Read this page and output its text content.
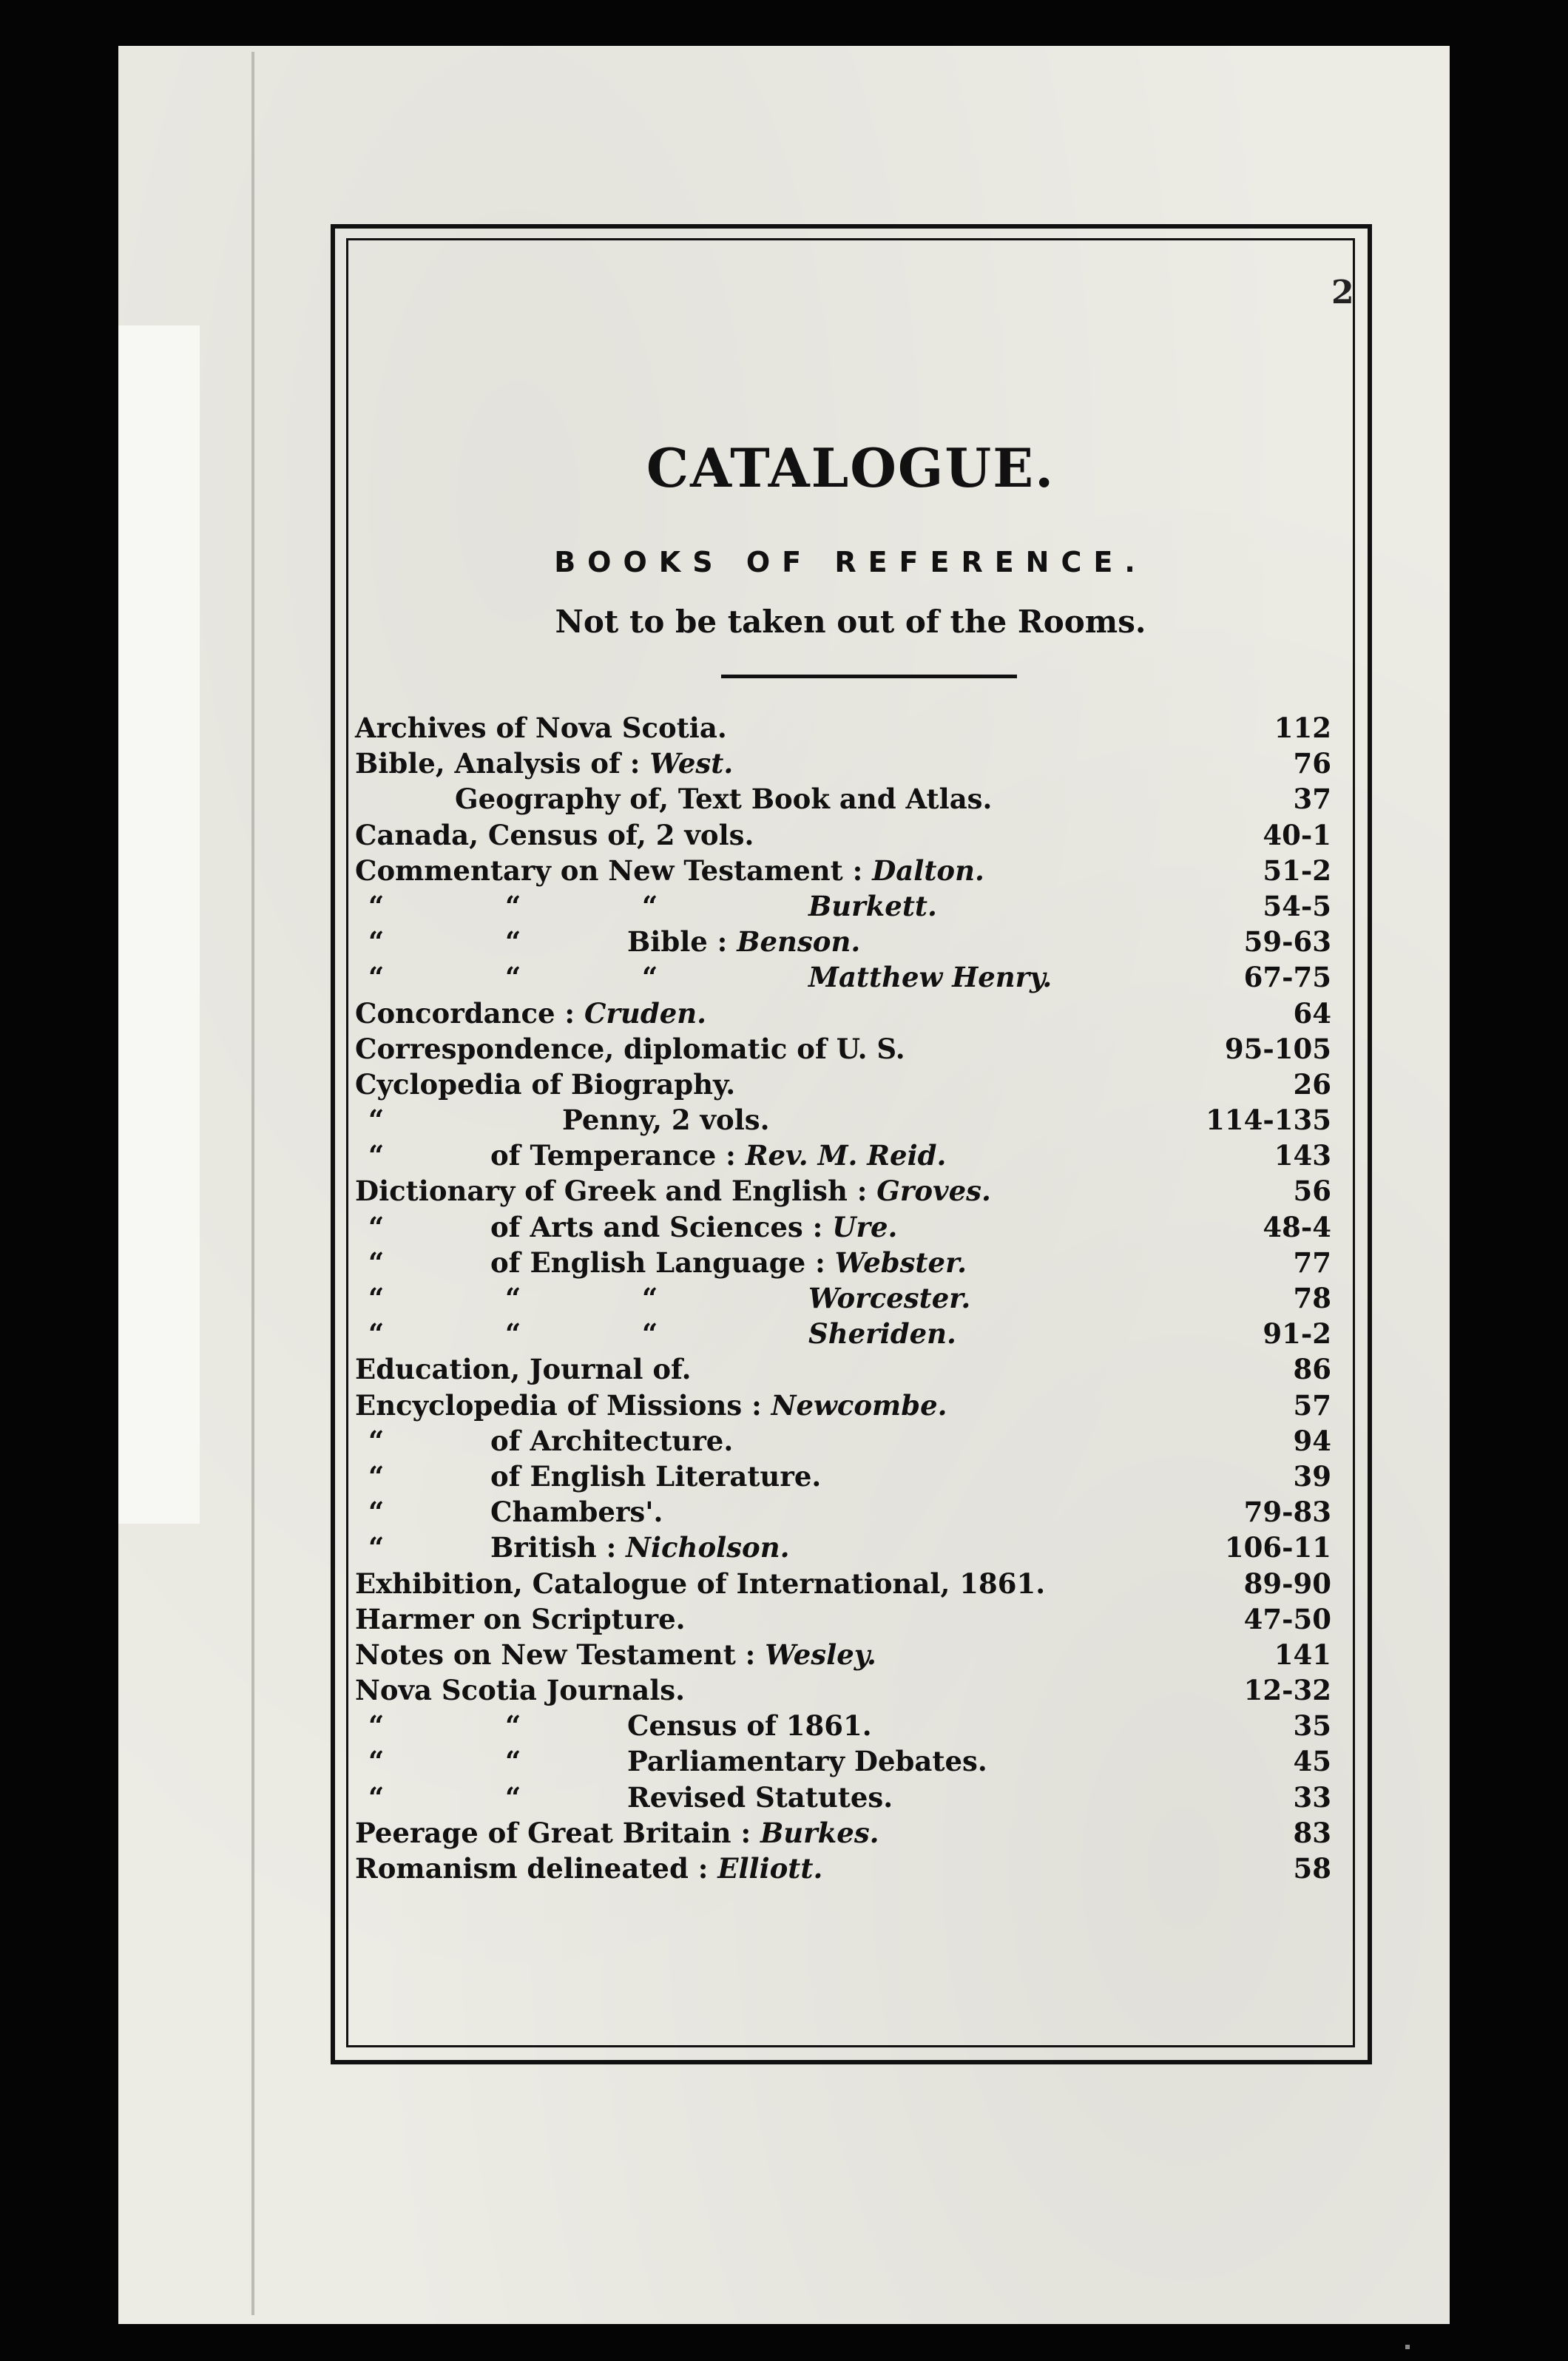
2
CATALOGUE.
BOOKS OF REFERENCE.
Not to be taken out of the Rooms.
Archives of Nova Scotia.	112
Bible, Analysis of : West.	76
Geography of, Text Book and Atlas.	37
Canada, Census of, 2 vols.	40-1
Commentary on New Testament : Dalton.	51-2
“	“	“	Burkett.	54-5
“	“	Bible : Benson.	59-63
“	“	“	Matthew Henry.	67-75
Concordance : Cruden.	64
Correspondence, diplomatic of U. S.	95-105
Cyclopedia of Biography.	26
“	Penny, 2 vols.	114-135
“	of Temperance : Rev. M. Reid.	143
Dictionary of Greek and English : Groves.	56
“	of Arts and Sciences : Ure.	48-4
“	of English Language : Webster.	77
“	“	“	Worcester.	78
“	“	“	Sheriden.	91-2
Education, Journal of.	86
Encyclopedia of Missions : Newcombe.	57
“	of Architecture.	94
“	of English Literature.	39
“	Chambers'.	79-83
“	British : Nicholson.	106-11
Exhibition, Catalogue of International, 1861.	89-90
Harmer on Scripture.	47-50
Notes on New Testament : Wesley.	141
Nova Scotia Journals.	12-32
“	“	Census of 1861.	35
“	“	Parliamentary Debates.	45
“	“	Revised Statutes.	33
Peerage of Great Britain : Burkes.	83
Romanism delineated : Elliott.	58
